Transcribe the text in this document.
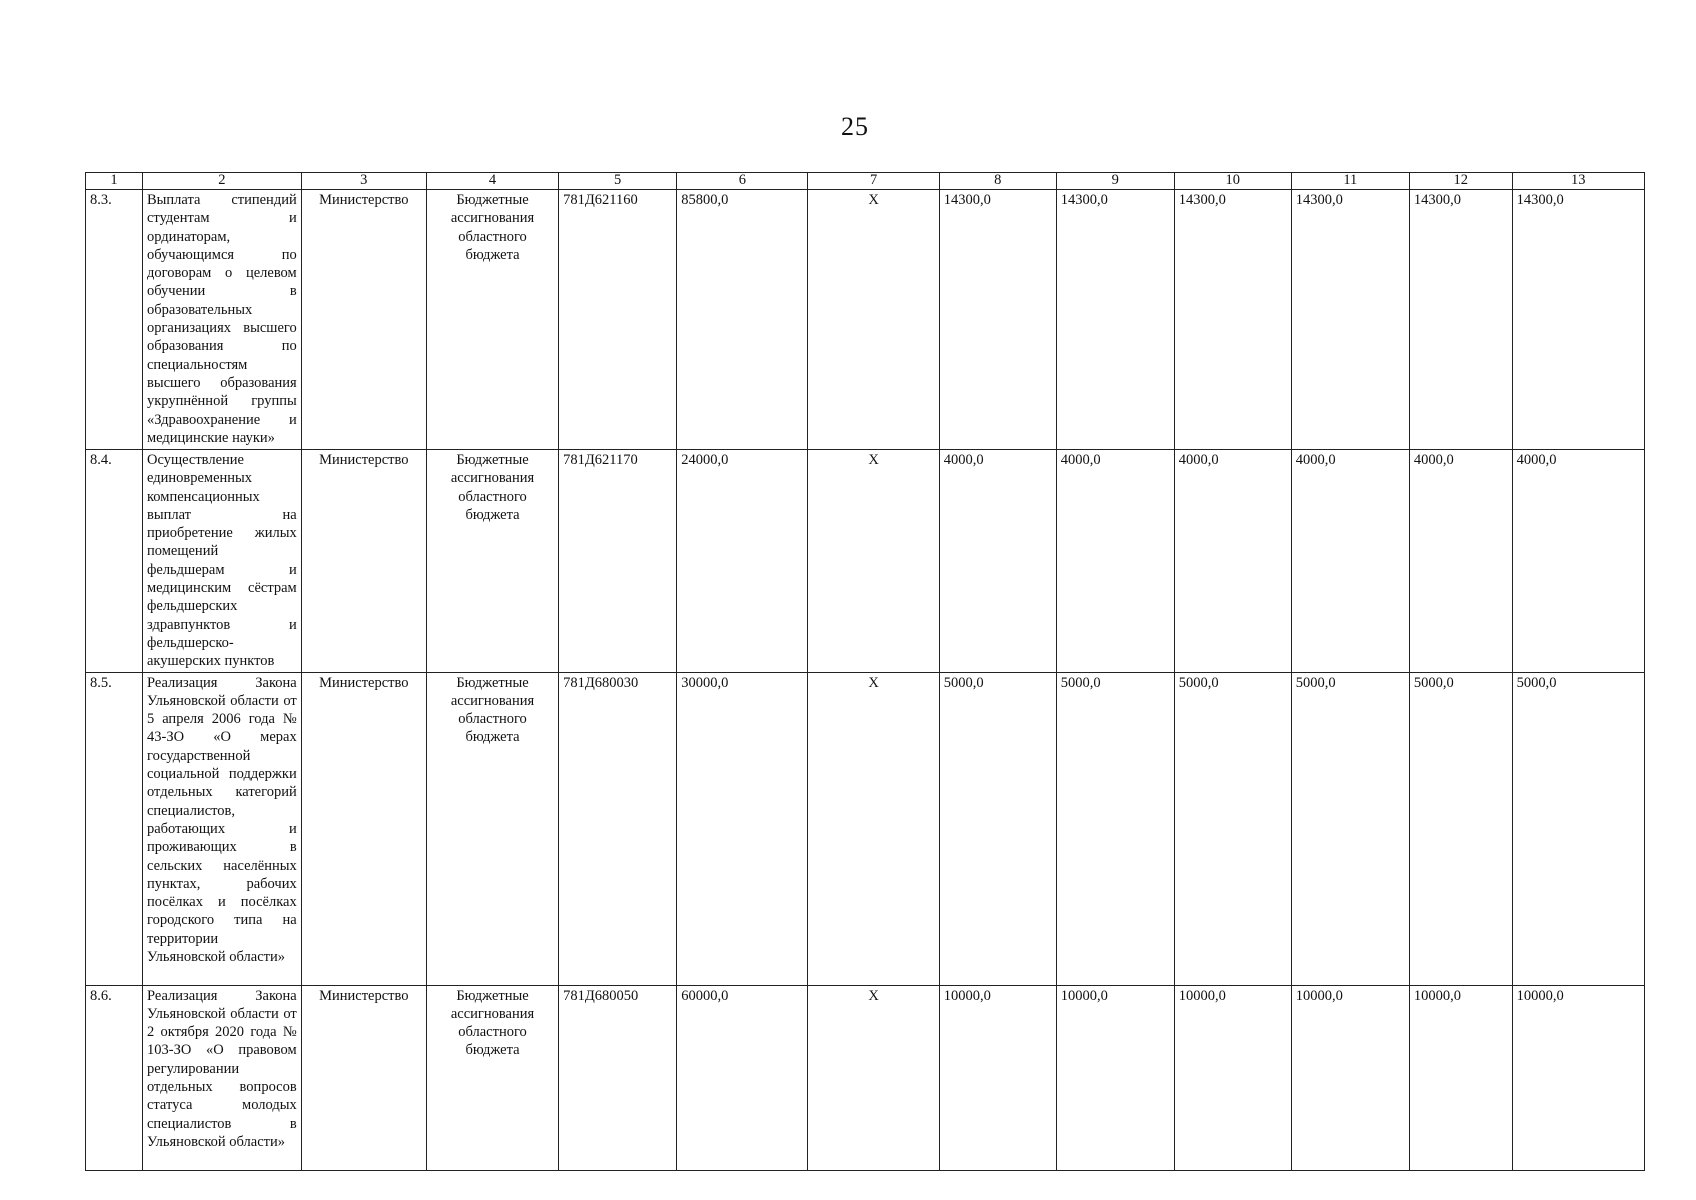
25
1	2	3	4	5	6	7	8	9	10	11	12	13
8.3.	Выплата стипендий студентам и ординаторам, обучающимся по договорам о целевом обучении в образовательных организациях высшего образования по специальностям высшего образования укрупнённой группы «Здравоохранение и медицинские науки»	Министерство	Бюджетные ассигнования областного бюджета	781Д621160	85800,0	X	14300,0	14300,0	14300,0	14300,0	14300,0	14300,0
8.4.	Осуществление единовременных компенсационных выплат на приобретение жилых помещений фельдшерам и медицинским сёстрам фельдшерских здравпунктов и фельдшерско-акушерских пунктов	Министерство	Бюджетные ассигнования областного бюджета	781Д621170	24000,0	X	4000,0	4000,0	4000,0	4000,0	4000,0	4000,0
8.5.	Реализация Закона Ульяновской области от 5 апреля 2006 года № 43-ЗО «О мерах государственной социальной поддержки отдельных категорий специалистов, работающих и проживающих в сельских населённых пунктах, рабочих посёлках и посёлках городского типа на территории Ульяновской области»	Министерство	Бюджетные ассигнования областного бюджета	781Д680030	30000,0	X	5000,0	5000,0	5000,0	5000,0	5000,0	5000,0
8.6.	Реализация Закона Ульяновской области от 2 октября 2020 года № 103-ЗО «О правовом регулировании отдельных вопросов статуса молодых специалистов в Ульяновской области»	Министерство	Бюджетные ассигнования областного бюджета	781Д680050	60000,0	X	10000,0	10000,0	10000,0	10000,0	10000,0	10000,0
